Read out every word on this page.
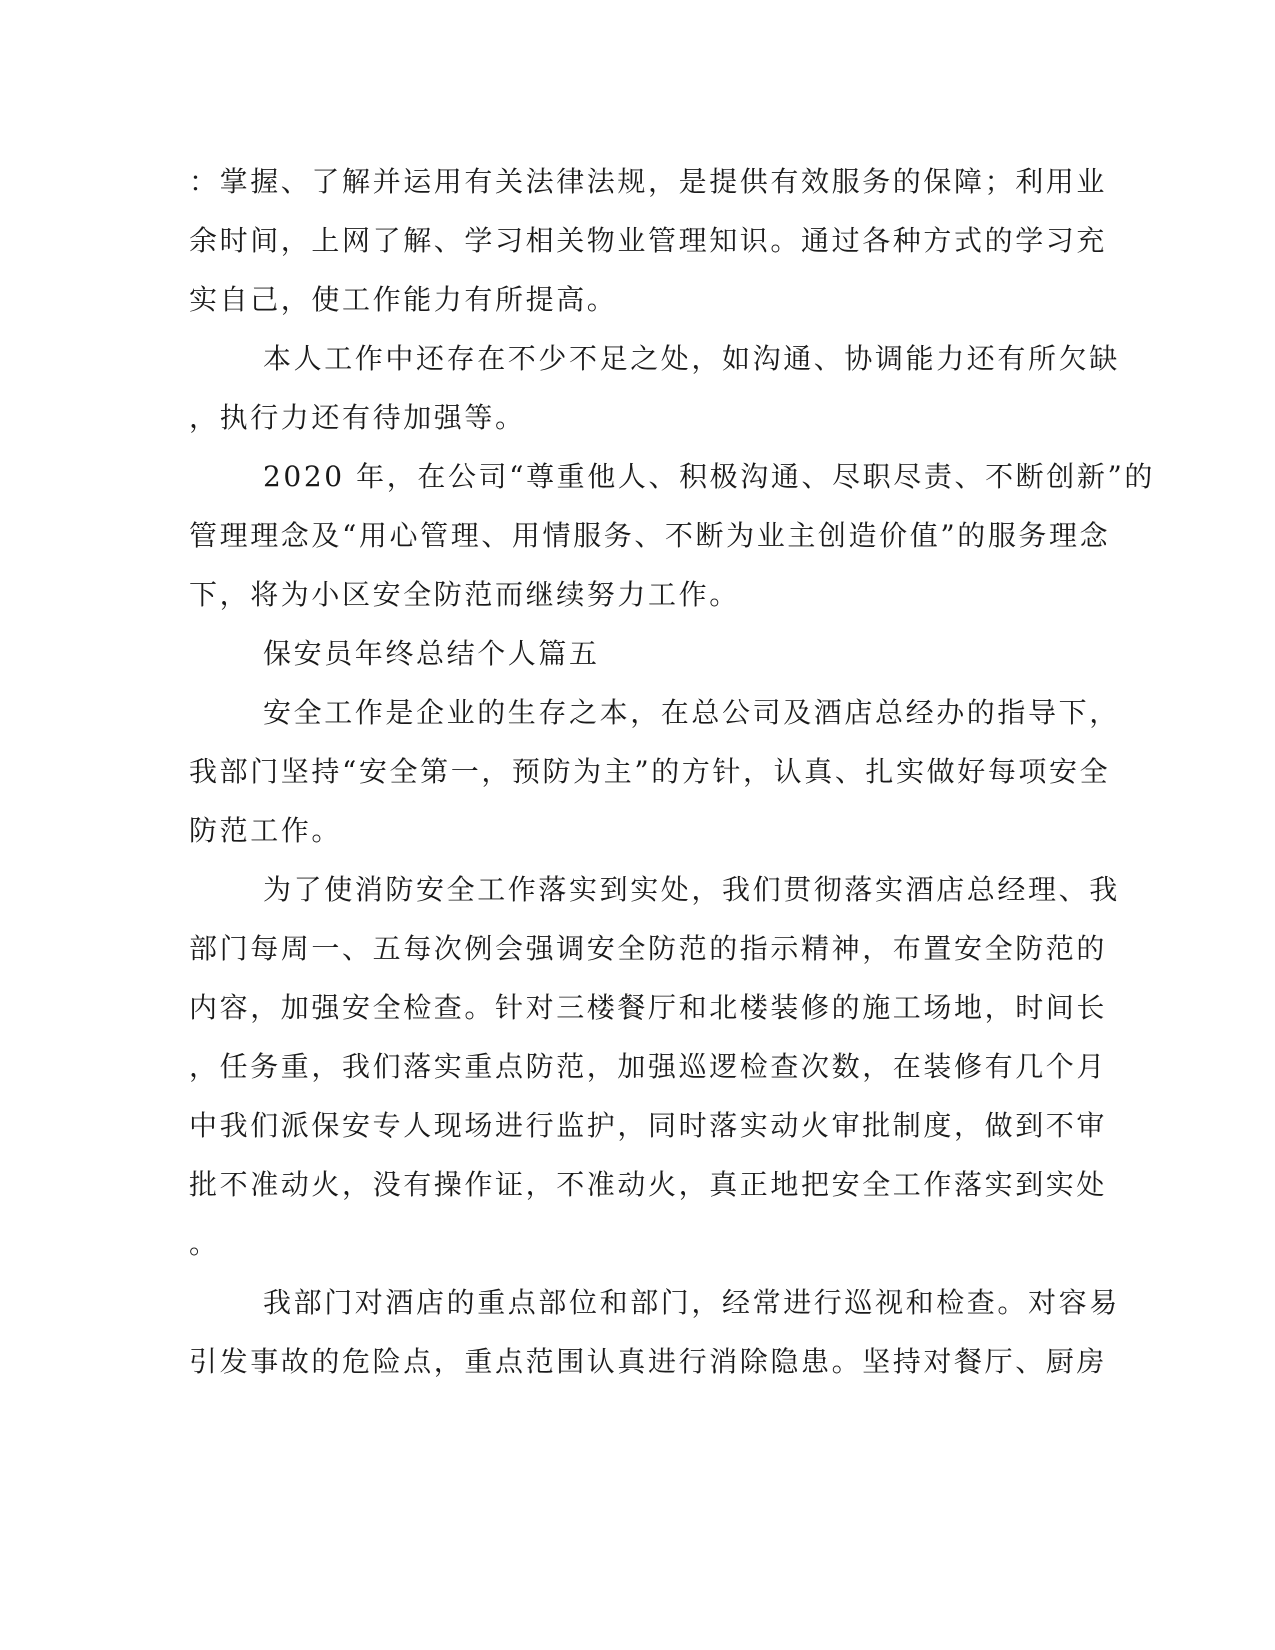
：掌握、了解并运用有关法律法规，是提供有效服务的保障；利用业
余时间，上网了解、学习相关物业管理知识。通过各种方式的学习充
实自己，使工作能力有所提高。
本人工作中还存在不少不足之处，如沟通、协调能力还有所欠缺
，执行力还有待加强等。
2020 年，在公司“尊重他人、积极沟通、尽职尽责、不断创新”的
管理理念及“用心管理、用情服务、不断为业主创造价值”的服务理念
下，将为小区安全防范而继续努力工作。
保安员年终总结个人篇五
安全工作是企业的生存之本，在总公司及酒店总经办的指导下，
我部门坚持“安全第一，预防为主”的方针，认真、扎实做好每项安全
防范工作。
为了使消防安全工作落实到实处，我们贯彻落实酒店总经理、我
部门每周一、五每次例会强调安全防范的指示精神，布置安全防范的
内容，加强安全检查。针对三楼餐厅和北楼装修的施工场地，时间长
，任务重，我们落实重点防范，加强巡逻检查次数，在装修有几个月
中我们派保安专人现场进行监护，同时落实动火审批制度，做到不审
批不准动火，没有操作证，不准动火，真正地把安全工作落实到实处
。
我部门对酒店的重点部位和部门，经常进行巡视和检查。对容易
引发事故的危险点，重点范围认真进行消除隐患。坚持对餐厅、厨房
